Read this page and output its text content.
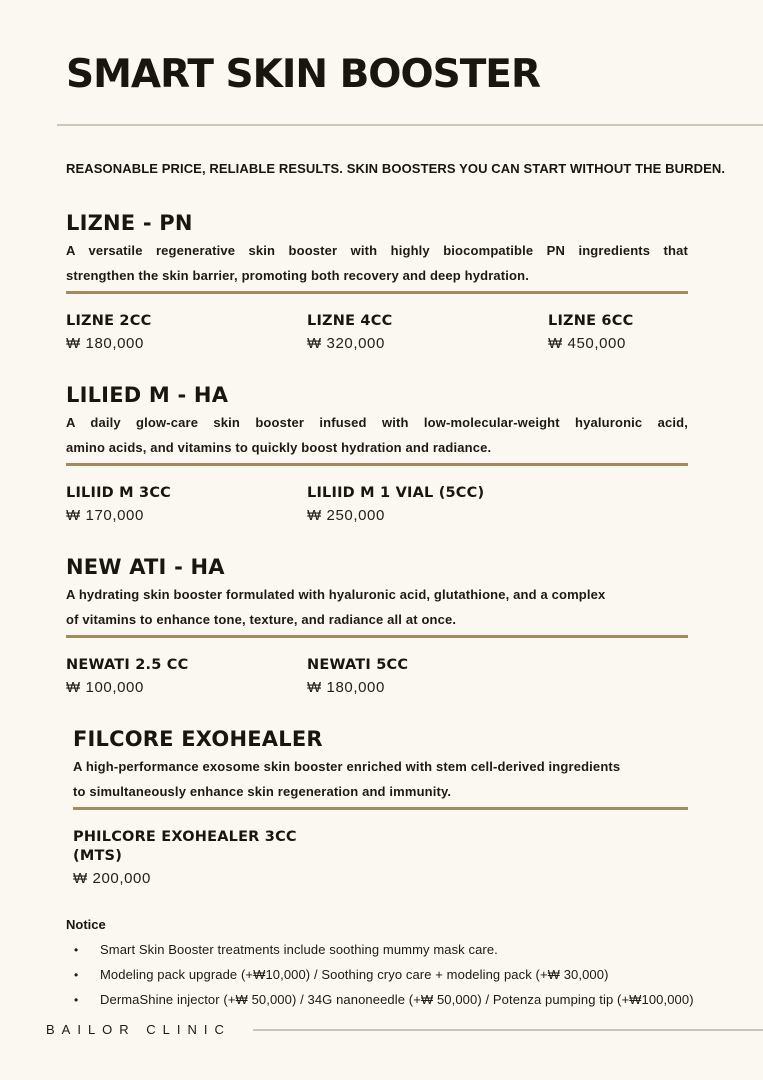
SMART SKIN BOOSTER
REASONABLE PRICE, RELIABLE RESULTS. SKIN BOOSTERS YOU CAN START WITHOUT THE BURDEN.
LIZNE - PN
A versatile regenerative skin booster with highly biocompatible PN ingredients that
strengthen the skin barrier, promoting both recovery and deep hydration.
LIZNE 2CC
₩ 180,000
LIZNE 4CC
₩ 320,000
LIZNE 6CC
₩ 450,000
LILIED M - HA
A daily glow-care skin booster infused with low-molecular-weight hyaluronic acid,
amino acids, and vitamins to quickly boost hydration and radiance.
LILIID M 3CC
₩ 170,000
LILIID M 1 VIAL (5CC)
₩ 250,000
NEW ATI - HA
A hydrating skin booster formulated with hyaluronic acid, glutathione, and a complex
of vitamins to enhance tone, texture, and radiance all at once.
NEWATI 2.5 CC
₩ 100,000
NEWATI 5CC
₩ 180,000
FILCORE EXOHEALER
A high-performance exosome skin booster enriched with stem cell-derived ingredients
to simultaneously enhance skin regeneration and immunity.
PHILCORE EXOHEALER 3CC (MTS)
₩ 200,000
Notice
•
Smart Skin Booster treatments include soothing mummy mask care.
•
Modeling pack upgrade (+₩10,000) / Soothing cryo care + modeling pack (+₩ 30,000)
•
DermaShine injector (+₩ 50,000) / 34G nanoneedle (+₩ 50,000) / Potenza pumping tip (+₩100,000)
BAILOR CLINIC
